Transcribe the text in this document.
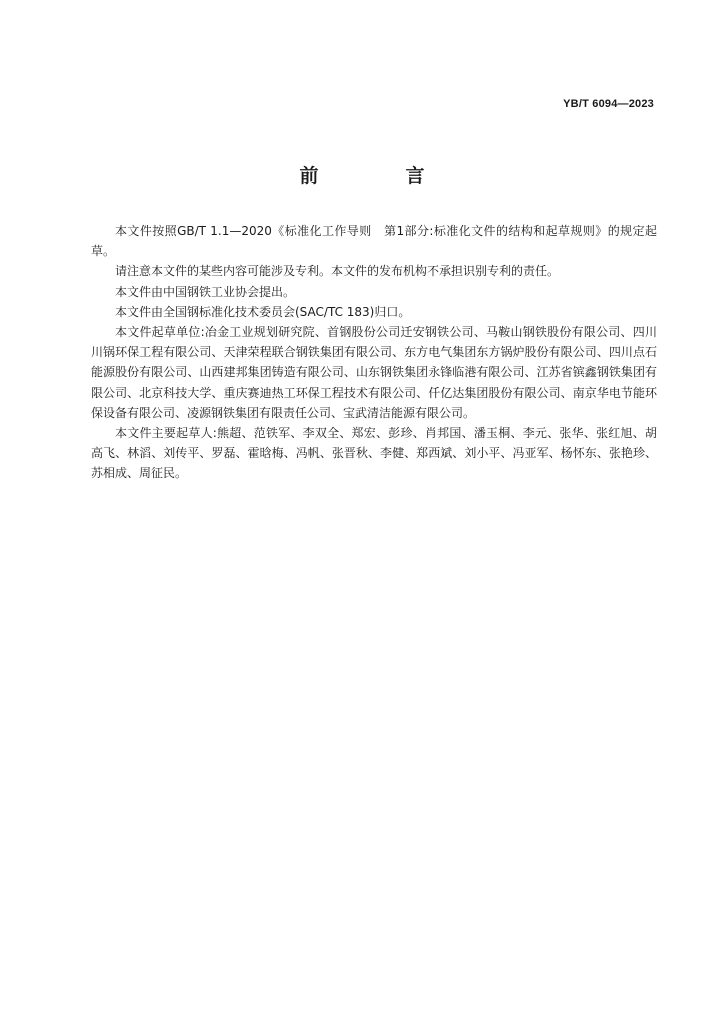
YB/T 6094—2023
前　言

本文件按照GB/T 1.1—2020《标准化工作导则　第1部分:标准化文件的结构和起草规则》的规定起草。

请注意本文件的某些内容可能涉及专利。本文件的发布机构不承担识别专利的责任。

本文件由中国钢铁工业协会提出。

本文件由全国钢标准化技术委员会(SAC/TC 183)归口。

本文件起草单位:冶金工业规划研究院、首钢股份公司迁安钢铁公司、马鞍山钢铁股份有限公司、四川川锅环保工程有限公司、天津荣程联合钢铁集团有限公司、东方电气集团东方锅炉股份有限公司、四川点石能源股份有限公司、山西建邦集团铸造有限公司、山东钢铁集团永锋临港有限公司、江苏省镔鑫钢铁集团有限公司、北京科技大学、重庆赛迪热工环保工程技术有限公司、仟亿达集团股份有限公司、南京华电节能环保设备有限公司、凌源钢铁集团有限责任公司、宝武清洁能源有限公司。

本文件主要起草人:熊超、范铁军、李双全、郑宏、彭珍、肖邦国、潘玉桐、李元、张华、张红旭、胡高飞、林滔、刘传平、罗磊、霍晗梅、冯帆、张晋秋、李健、郑西斌、刘小平、冯亚军、杨怀东、张艳珍、苏相成、周征民。
